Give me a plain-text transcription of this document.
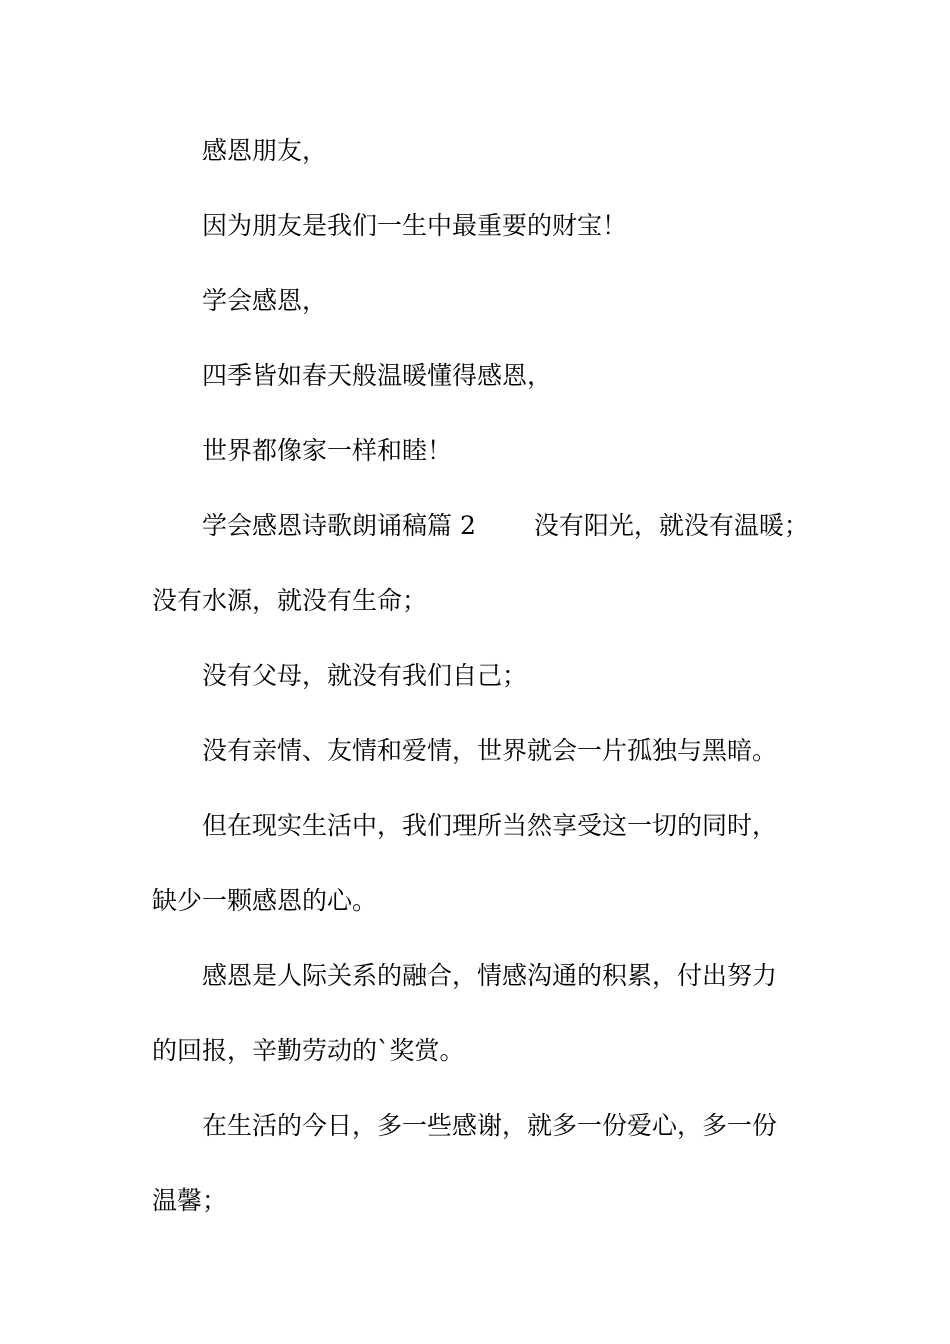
感恩朋友，
因为朋友是我们一生中最重要的财宝！
学会感恩，
四季皆如春天般温暖懂得感恩，
世界都像家一样和睦！
学会感恩诗歌朗诵稿篇 2 没有阳光，就没有温暖；
没有水源，就没有生命；
没有父母，就没有我们自己；
没有亲情、友情和爱情，世界就会一片孤独与黑暗。
但在现实生活中，我们理所当然享受这一切的同时，
缺少一颗感恩的心。
感恩是人际关系的融合，情感沟通的积累，付出努力
的回报，辛勤劳动的`奖赏。
在生活的今日，多一些感谢，就多一份爱心，多一份
温馨；
